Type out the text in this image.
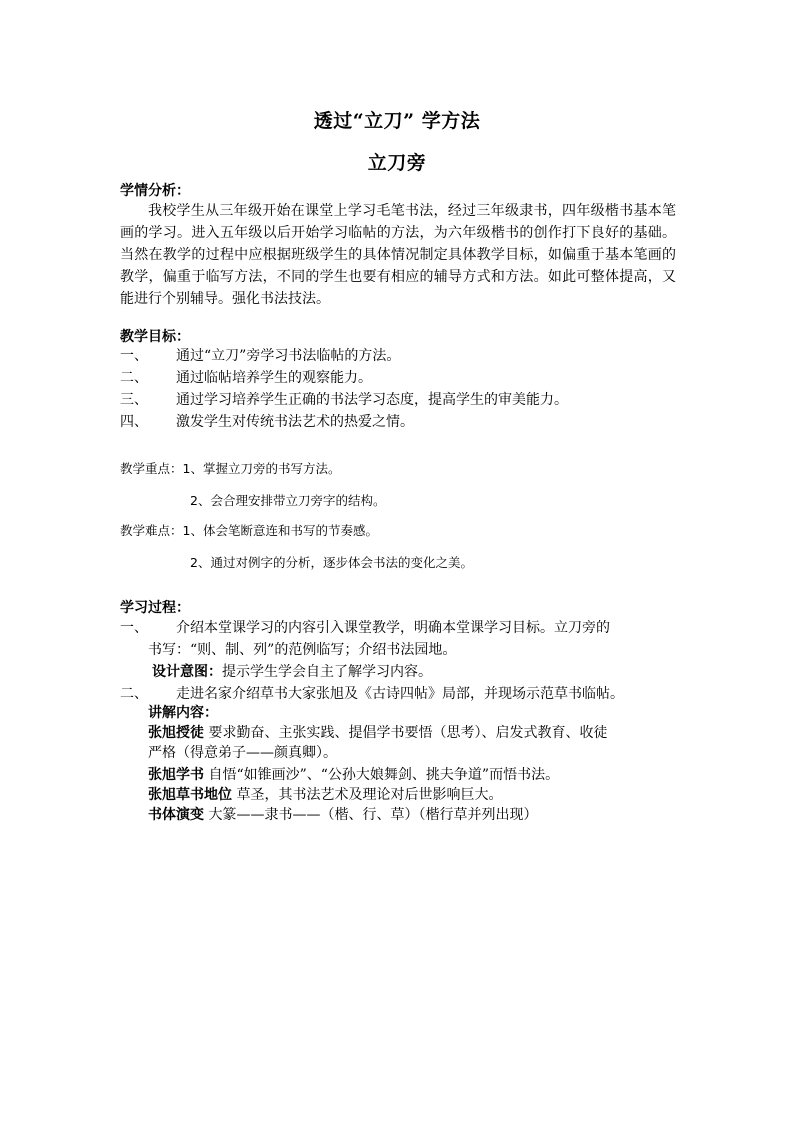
透过“立刀” 学方法
立刀旁
学情分析：
我校学生从三年级开始在课堂上学习毛笔书法，经过三年级隶书，四年级楷书基本笔画的学习。进入五年级以后开始学习临帖的方法，为六年级楷书的创作打下良好的基础。当然在教学的过程中应根据班级学生的具体情况制定具体教学目标，如偏重于基本笔画的教学，偏重于临写方法，不同的学生也要有相应的辅导方式和方法。如此可整体提高，又能进行个别辅导。强化书法技法。
教学目标：
一、 通过“立刀”旁学习书法临帖的方法。
二、 通过临帖培养学生的观察能力。
三、 通过学习培养学生正确的书法学习态度，提高学生的审美能力。
四、 激发学生对传统书法艺术的热爱之情。
教学重点：1、掌握立刀旁的书写方法。
2、会合理安排带立刀旁字的结构。
教学难点：1、体会笔断意连和书写的节奏感。
2、通过对例字的分析，逐步体会书法的变化之美。
学习过程：
一、 介绍本堂课学习的内容引入课堂教学，明确本堂课学习目标。立刀旁的
书写：“则、制、列”的范例临写；介绍书法园地。
设计意图：提示学生学会自主了解学习内容。
二、 走进名家介绍草书大家张旭及《古诗四帖》局部，并现场示范草书临帖。
讲解内容：
张旭授徒 要求勤奋、主张实践、提倡学书要悟（思考）、启发式教育、收徒
严格（得意弟子——颜真卿）。
张旭学书 自悟“如锥画沙”、“公孙大娘舞剑、挑夫争道”而悟书法。
张旭草书地位 草圣，其书法艺术及理论对后世影响巨大。
书体演变 大篆——隶书——（楷、行、草）（楷行草并列出现）
